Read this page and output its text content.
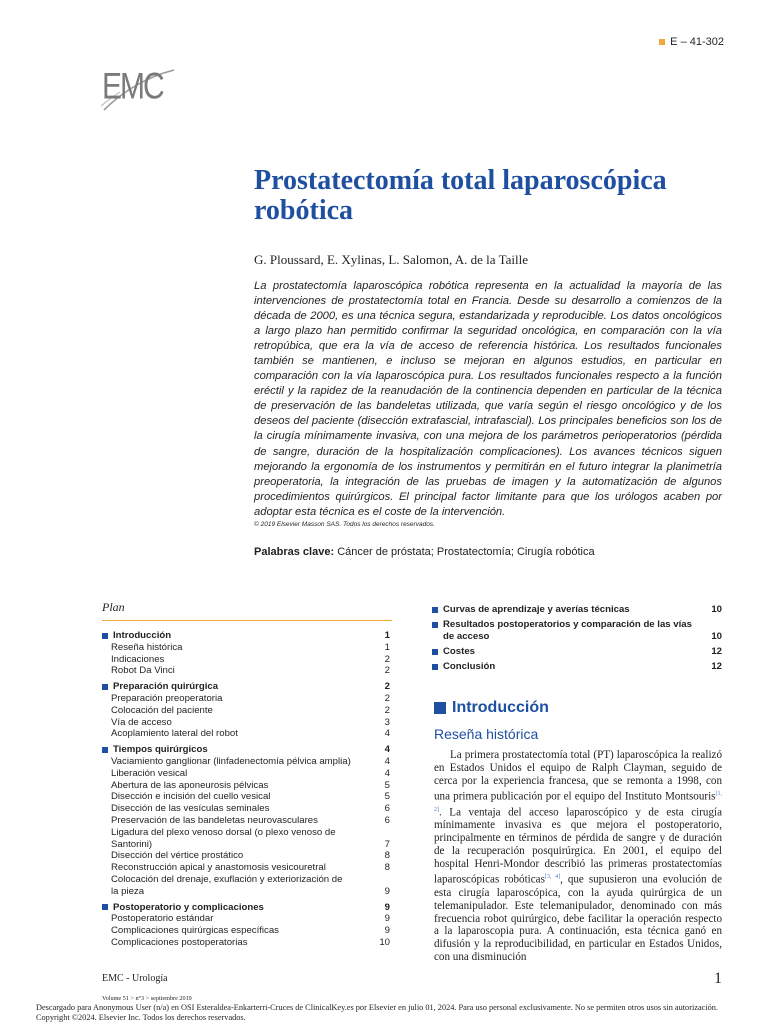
E – 41-302
EMC
Prostatectomía total laparoscópica
robótica
G. Ploussard, E. Xylinas, L. Salomon, A. de la Taille

La prostatectomía laparoscópica robótica representa en la actualidad la mayoría de las intervenciones de prostatectomía total en Francia. Desde su desarrollo a comienzos de la década de 2000, es una técnica segura, estandarizada y reproducible. Los datos oncológicos a largo plazo han permitido confirmar la seguridad oncológica, en comparación con la vía retropúbica, que era la vía de acceso de referencia histórica. Los resultados funcionales también se mantienen, e incluso se mejoran en algunos estudios, en particular en comparación con la vía laparoscópica pura. Los resultados funcionales respecto a la función eréctil y la rapidez de la reanudación de la continencia dependen en particular de la técnica de preservación de las bandeletas utilizada, que varía según el riesgo oncológico y de los deseos del paciente (disección extrafascial, intrafascial). Los principales beneficios son los de la cirugía mínimamente invasiva, con una mejora de los parámetros perioperatorios (pérdida de sangre, duración de la hospitalización complicaciones). Los avances técnicos siguen mejorando la ergonomía de los instrumentos y permitirán en el futuro integrar la planimetría preoperatoria, la integración de las pruebas de imagen y la automatización de algunos procedimientos quirúrgicos. El principal factor limitante para que los urólogos acaben por adoptar esta técnica es el coste de la intervención.

© 2019 Elsevier Masson SAS. Todos los derechos reservados.
Palabras clave: Cáncer de próstata; Prostatectomía; Cirugía robótica
Plan
Introducción	1
Reseña histórica	1
Indicaciones	2
Robot Da Vinci	2
Preparación quirúrgica	2
Preparación preoperatoria	2
Colocación del paciente	2
Vía de acceso	3
Acoplamiento lateral del robot	4
Tiempos quirúrgicos	4
Vaciamiento ganglionar (linfadenectomía pélvica amplia)	4
Liberación vesical	4
Abertura de las aponeurosis pélvicas	5
Disección e incisión del cuello vesical	5
Disección de las vesículas seminales	6
Preservación de las bandeletas neurovasculares	6
Ligadura del plexo venoso dorsal (o plexo venoso de Santorini)	7
Disección del vértice prostático	8
Reconstrucción apical y anastomosis vesicouretral	8
Colocación del drenaje, exuflación y exteriorización de la pieza	9
Postoperatorio y complicaciones	9
Postoperatorio estándar	9
Complicaciones quirúrgicas específicas	9
Complicaciones postoperatorias	10
Curvas de aprendizaje y averías técnicas	10
Resultados postoperatorios y comparación de las vías de acceso	10
Costes	12
Conclusión	12
Introducción
Reseña histórica

La primera prostatectomía total (PT) laparoscópica la realizó en Estados Unidos el equipo de Ralph Clayman, seguido de cerca por la experiencia francesa, que se remonta a 1998, con una primera publicación por el equipo del Instituto Montsouris[1, 2]. La ventaja del acceso laparoscópico y de esta cirugía mínimamente invasiva es que mejora el postoperatorio, principalmente en términos de pérdida de sangre y de duración de la recuperación posquirúrgica. En 2001, el equipo del hospital Henri-Mondor describió las primeras prostatectomías laparoscópicas robóticas[3, 4], que supusieron una evolución de esta cirugía laparoscópica, con la ayuda quirúrgica de un telemanipulador. Este telemanipulador, denominado con más frecuencia robot quirúrgico, debe facilitar la operación respecto a la laparoscopia pura. A continuación, esta técnica ganó en difusión y la reproducibilidad, en particular en Estados Unidos, con una disminución

EMC - Urología	1
Volume 51 > n°3 > septiembre 2019

Descargado para Anonymous User (n/a) en OSI Esteraldea-Enkarterri-Cruces de ClinicalKey.es por Elsevier en julio 01, 2024. Para uso personal exclusivamente. No se permiten otros usos sin autorización. Copyright ©2024. Elsevier Inc. Todos los derechos reservados.
